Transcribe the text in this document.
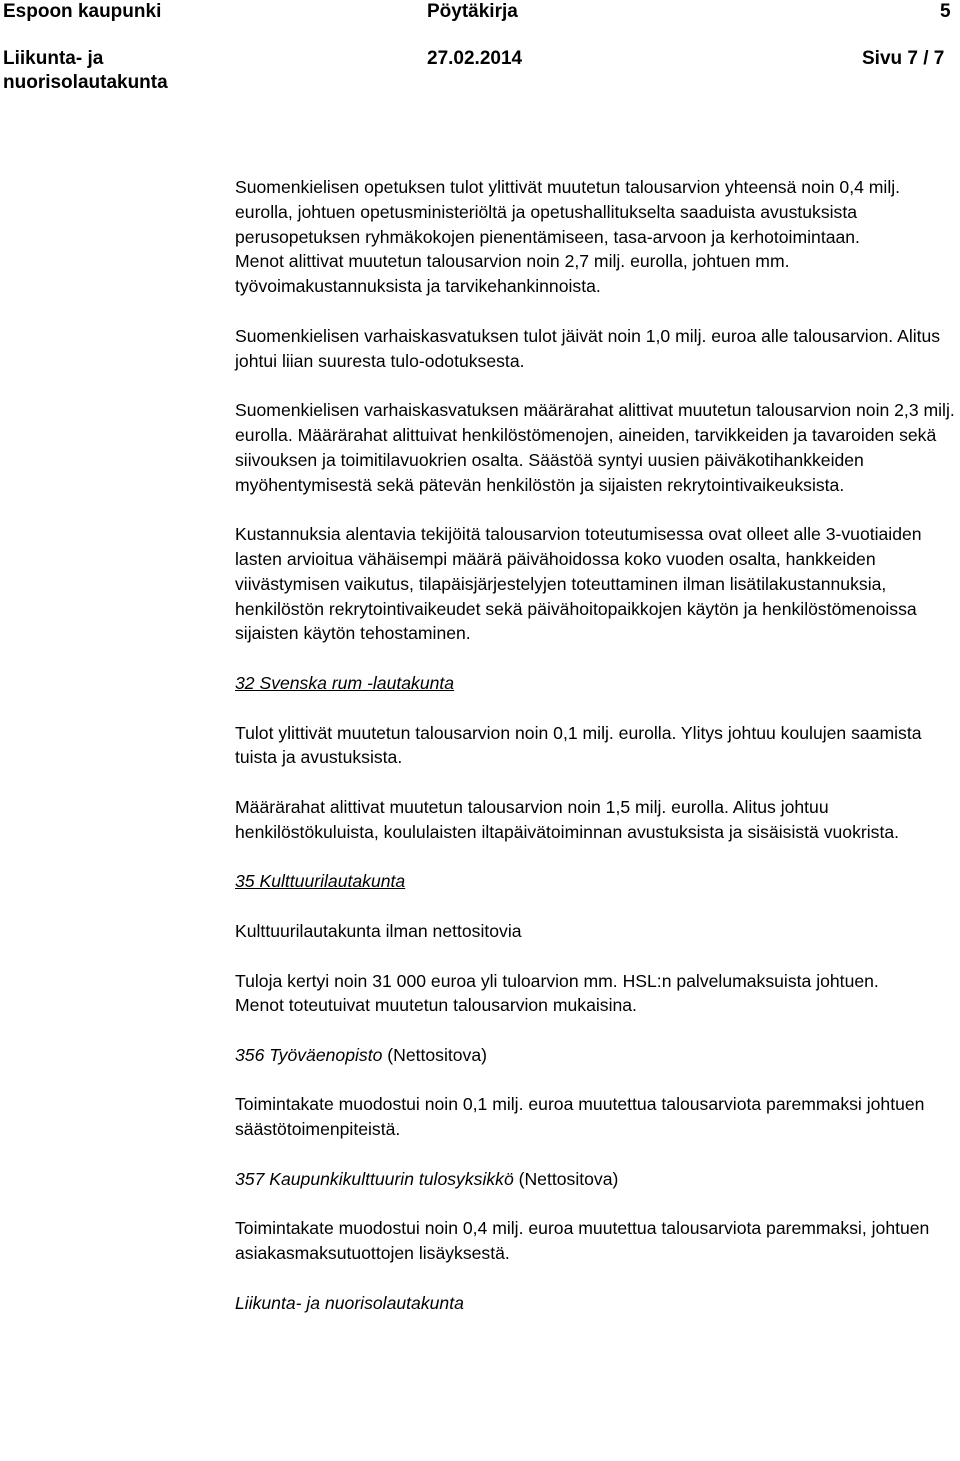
Espoon kaupunki	Pöytäkirja	5
Liikunta- ja nuorisolautakunta
27.02.2014	Sivu 7 / 7

Suomenkielisen opetuksen tulot ylittivät muutetun talousarvion yhteensä noin 0,4 milj. eurolla, johtuen opetusministeriöltä ja opetushallitukselta saaduista avustuksista perusopetuksen ryhmäkokojen pienentämiseen, tasa-arvoon ja kerhotoimintaan.

Menot alittivat muutetun talousarvion noin 2,7 milj. eurolla, johtuen mm. työvoimakustannuksista ja tarvikehankinnoista.

Suomenkielisen varhaiskasvatuksen tulot jäivät noin 1,0 milj. euroa alle talousarvion. Alitus johtui liian suuresta tulo-odotuksesta.

Suomenkielisen varhaiskasvatuksen määrärahat alittivat muutetun talousarvion noin 2,3 milj. eurolla. Määrärahat alittuivat henkilöstömenojen, aineiden, tarvikkeiden ja tavaroiden sekä siivouksen ja toimitilavuokrien osalta. Säästöä syntyi uusien päiväkotihankkeiden myöhentymisestä sekä pätevän henkilöstön ja sijaisten rekrytointivaikeuksista.

Kustannuksia alentavia tekijöitä talousarvion toteutumisessa ovat olleet alle 3-vuotiaiden lasten arvioitua vähäisempi määrä päivähoidossa koko vuoden osalta, hankkeiden viivästymisen vaikutus, tilapäisjärjestelyjen toteuttaminen ilman lisätilakustannuksia, henkilöstön rekrytointivaikeudet sekä päivähoitopaikkojen käytön ja henkilöstömenoissa sijaisten käytön tehostaminen.

32 Svenska rum -lautakunta

Tulot ylittivät muutetun talousarvion noin 0,1 milj. eurolla. Ylitys johtuu koulujen saamista tuista ja avustuksista.

Määrärahat alittivat muutetun talousarvion noin 1,5 milj. eurolla. Alitus johtuu henkilöstökuluista, koululaisten iltapäivätoiminnan avustuksista ja sisäisistä vuokrista.

35 Kulttuurilautakunta

Kulttuurilautakunta ilman nettositovia

Tuloja kertyi noin 31 000 euroa yli tuloarvion mm. HSL:n palvelumaksuista johtuen.

Menot toteutuivat muutetun talousarvion mukaisina.

356 Työväenopisto (Nettositova)

Toimintakate muodostui noin 0,1 milj. euroa muutettua talousarviota paremmaksi johtuen säästötoimenpiteistä.

357 Kaupunkikulttuurin tulosyksikkö (Nettositova)

Toimintakate muodostui noin 0,4 milj. euroa muutettua talousarviota paremmaksi, johtuen asiakasmaksutuottojen lisäyksestä.

Liikunta- ja nuorisolautakunta
